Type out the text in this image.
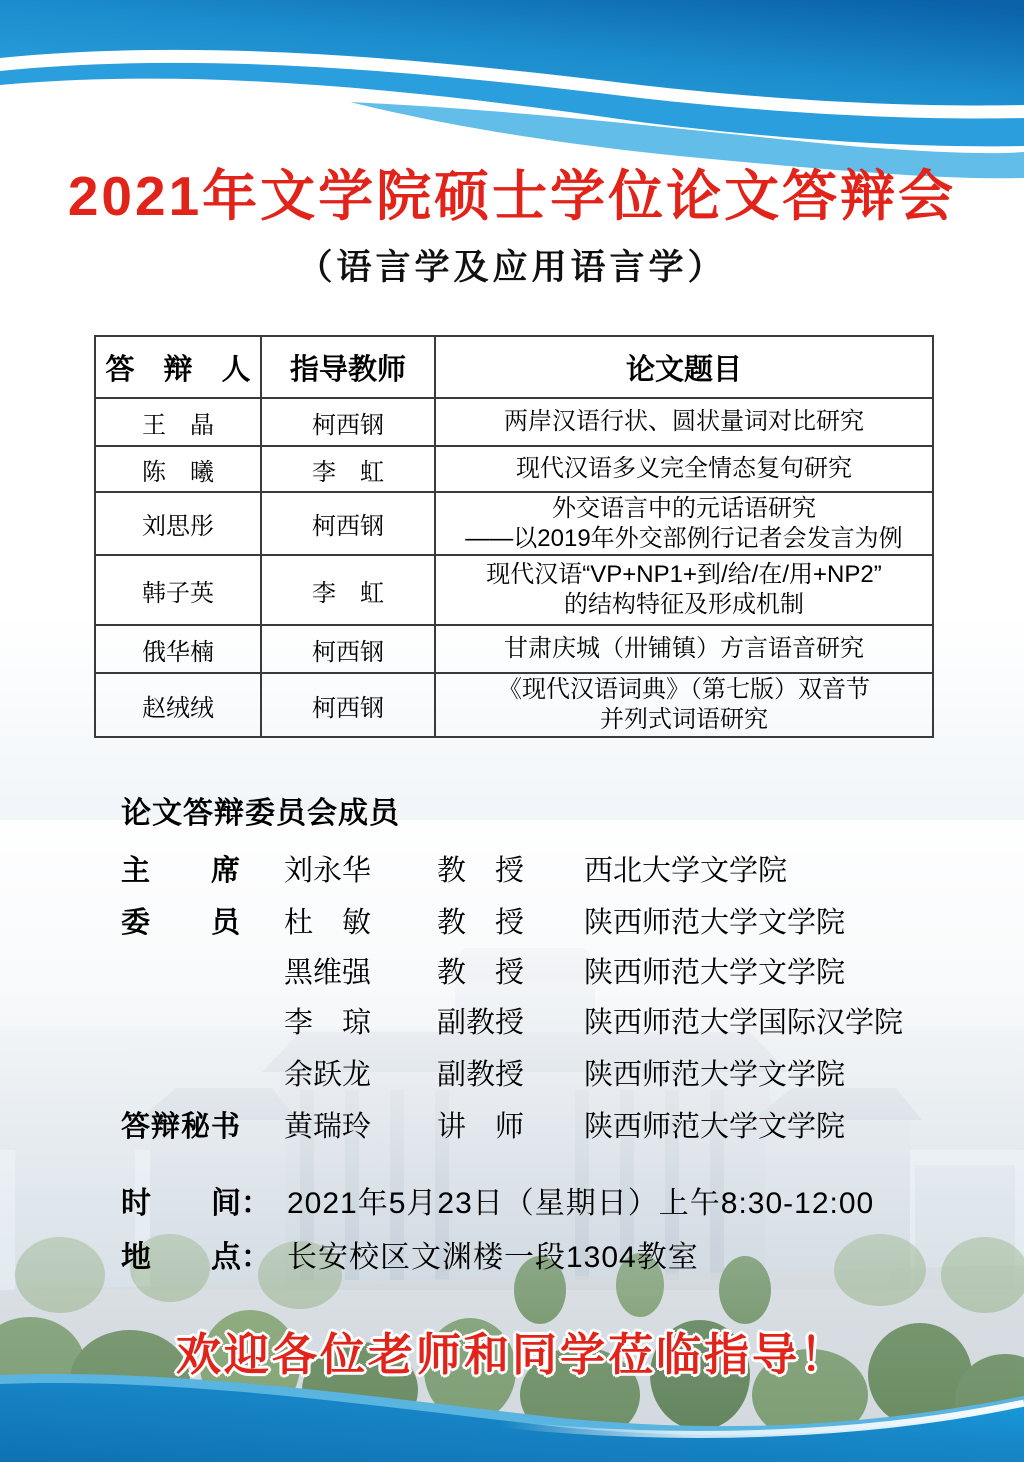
2021年文学院硕士学位论文答辩会
（语言学及应用语言学）
答　辩　人	指导教师	论文题目
王　晶	柯西钢	两岸汉语行状、圆状量词对比研究

陈　曦	李　虹	现代汉语多义完全情态复句研究

刘思彤	柯西钢	外交语言中的元话语研究
——以2019年外交部例行记者会发言为例

韩子英	李　虹	现代汉语“VP+NP1+到/给/在/用+NP2”
的结构特征及形成机制

俄华楠	柯西钢	甘肃庆城（卅铺镇）方言语音研究

赵绒绒	柯西钢	《现代汉语词典》（第七版）双音节
并列式词语研究
论文答辩委员会成员
主　　席 刘永华 教　授 西北大学文学院
委　　员 杜　敏 教　授 陕西师范大学文学院
黑维强 教　授 陕西师范大学文学院
李　琼 副教授 陕西师范大学国际汉学院
余跃龙 副教授 陕西师范大学文学院
答辩秘书 黄瑞玲 讲　师 陕西师范大学文学院
时　　间： 2021年5月23日（星期日）上午8:30-12:00
地　　点： 长安校区文渊楼一段1304教室
欢迎各位老师和同学莅临指导！
